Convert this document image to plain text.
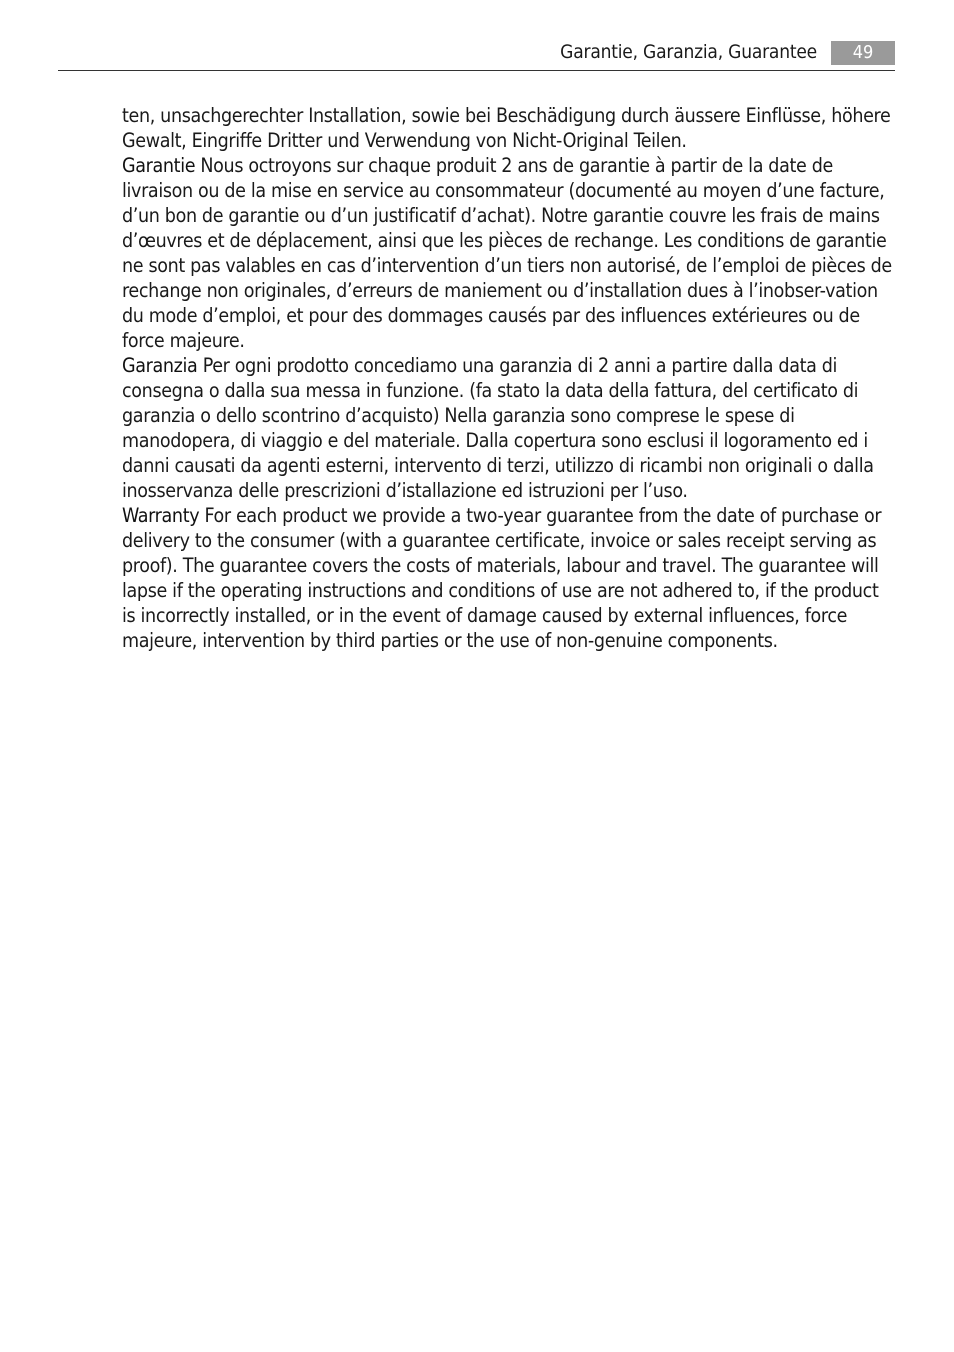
Garantie, Garanzia, Guarantee	49

ten, unsachgerechter Installation, sowie bei Beschädigung durch äussere Einflüsse, höhere Gewalt, Eingriffe Dritter und Verwendung von Nicht-Original Teilen.

Garantie Nous octroyons sur chaque produit 2 ans de garantie à partir de la date de livraison ou de la mise en service au consommateur (documenté au moyen d’une facture, d’un bon de garantie ou d’un justificatif d’achat). Notre garantie couvre les frais de mains d’œuvres et de déplacement, ainsi que les pièces de rechange. Les conditions de garantie ne sont pas valables en cas d’intervention d’un tiers non autorisé, de l’emploi de pièces de rechange non originales, d’erreurs de maniement ou d’installation dues à l’inobser-vation du mode d’emploi, et pour des dommages causés par des influences extérieures ou de force majeure.

Garanzia Per ogni prodotto concediamo una garanzia di 2 anni a partire dalla data di consegna o dalla sua messa in funzione. (fa stato la data della fattura, del certificato di garanzia o dello scontrino d’acquisto) Nella garanzia sono comprese le spese di manodopera, di viaggio e del materiale. Dalla copertura sono esclusi il logoramento ed i danni causati da agenti esterni, intervento di terzi, utilizzo di ricambi non originali o dalla inosservanza delle prescrizioni d’istallazione ed istruzioni per l’uso.

Warranty For each product we provide a two-year guarantee from the date of purchase or delivery to the consumer (with a guarantee certificate, invoice or sales receipt serving as proof). The guarantee covers the costs of materials, labour and travel. The guarantee will lapse if the operating instructions and conditions of use are not adhered to, if the product is incorrectly installed, or in the event of damage caused by external influences, force majeure, intervention by third parties or the use of non-genuine components.
